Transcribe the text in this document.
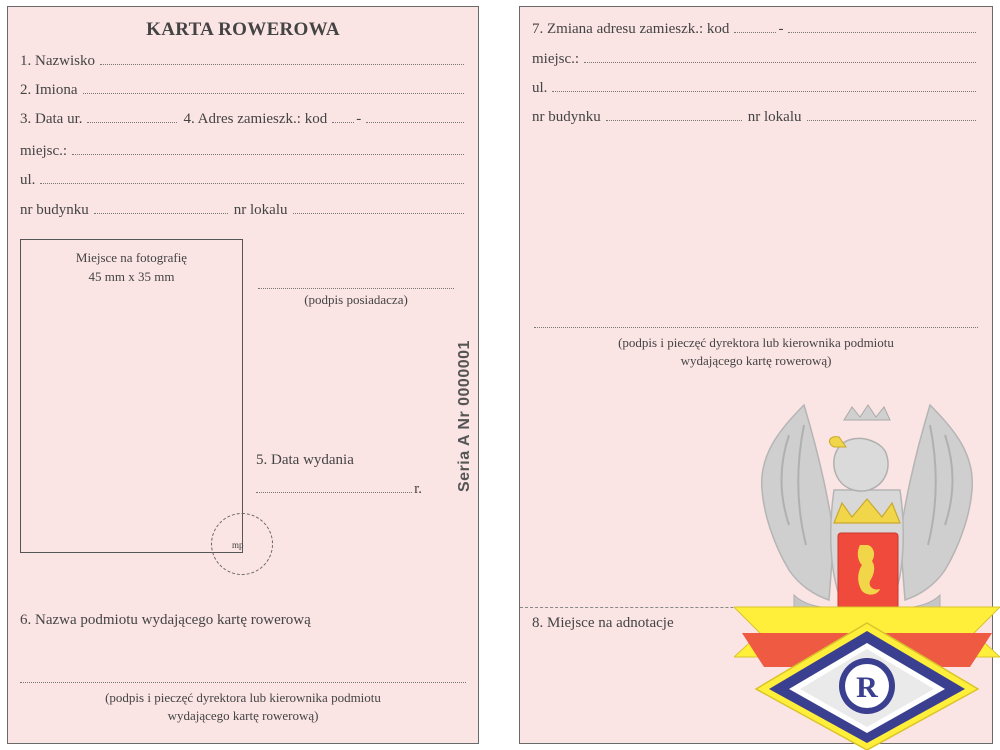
KARTA ROWEROWA
1. Nazwisko
2. Imiona
3. Data ur.	4. Adres zamieszk.: kod -
miejsc.:
ul.
nr budynku	nr lokalu
Miejsce na fotografię
45 mm x 35 mm
mp
(podpis posiadacza)
5. Data wydania
r. Seria A Nr 0000001
6. Nazwa podmiotu wydającego kartę rowerową
(podpis i pieczęć dyrektora lub kierownika podmiotu
wydającego kartę rowerową)
7. Zmiana adresu zamieszk.: kod	-
miejsc.:
ul.
nr budynku	nr lokalu
(podpis i pieczęć dyrektora lub kierownika podmiotu
wydającego kartę rowerową)
8. Miejsce na adnotacje
R
